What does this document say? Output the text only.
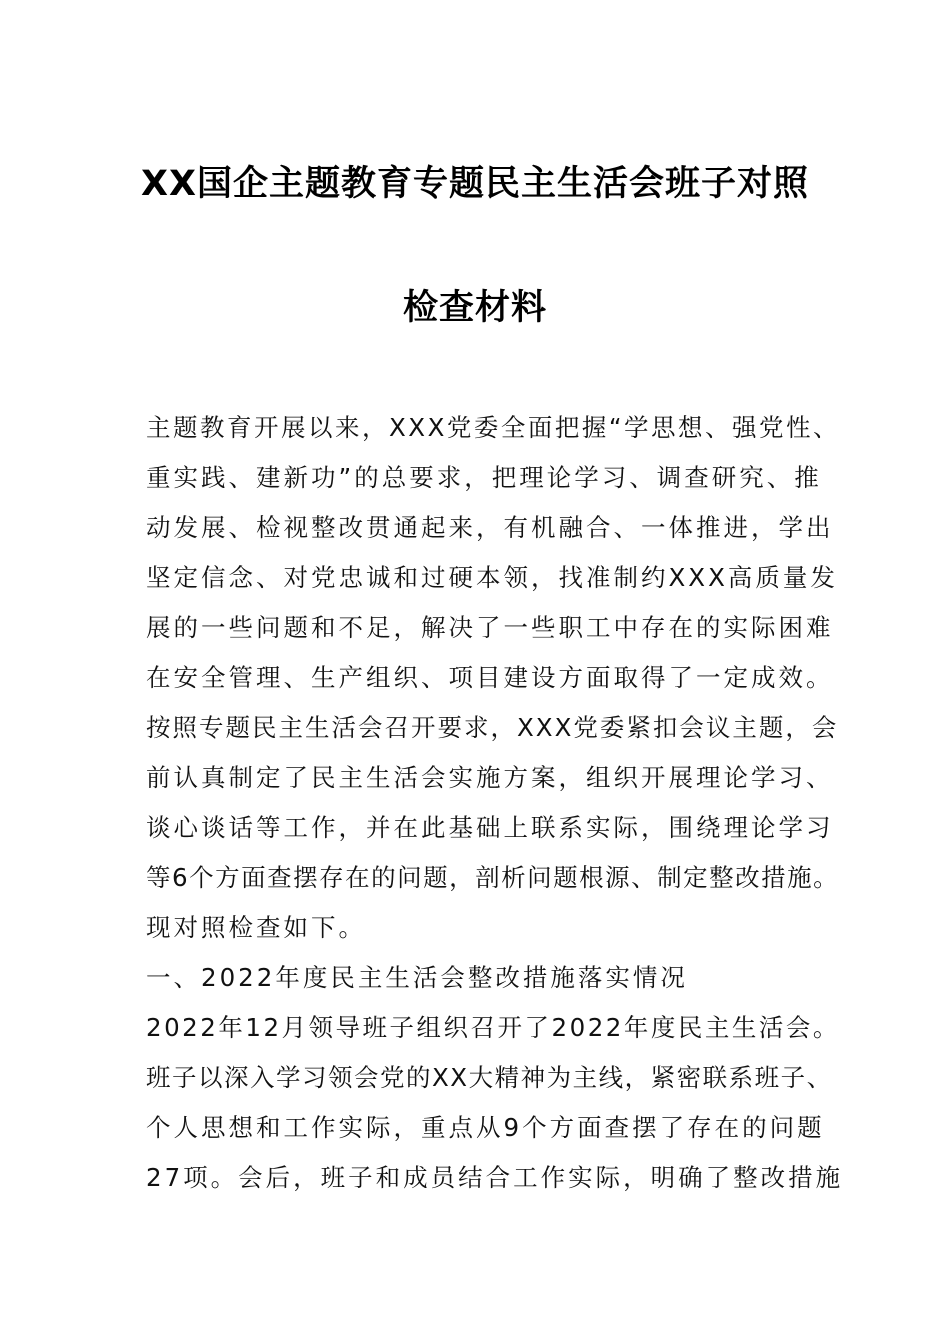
XX国企主题教育专题民主生活会班子对照
检查材料
主题教育开展以来，XXX党委全面把握“学思想、强党性、
重实践、建新功”的总要求，把理论学习、调查研究、推
动发展、检视整改贯通起来，有机融合、一体推进，学出
坚定信念、对党忠诚和过硬本领，找准制约XXX高质量发
展的一些问题和不足，解决了一些职工中存在的实际困难
在安全管理、生产组织、项目建设方面取得了一定成效。
按照专题民主生活会召开要求，XXX党委紧扣会议主题，会
前认真制定了民主生活会实施方案，组织开展理论学习、
谈心谈话等工作，并在此基础上联系实际，围绕理论学习
等6个方面查摆存在的问题，剖析问题根源、制定整改措施。
现对照检查如下。
一、2022年度民主生活会整改措施落实情况
2022年12月领导班子组织召开了2022年度民主生活会。
班子以深入学习领会党的XX大精神为主线，紧密联系班子、
个人思想和工作实际，重点从9个方面查摆了存在的问题
27项。会后，班子和成员结合工作实际，明确了整改措施
